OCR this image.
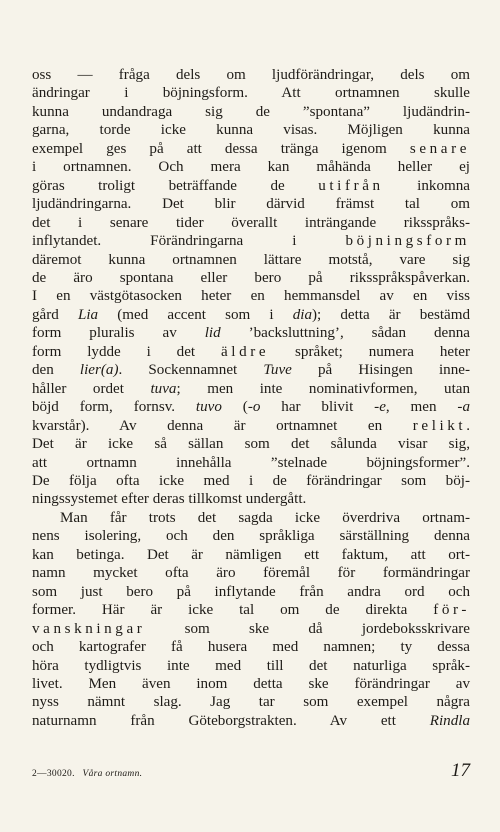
oss — fråga dels om ljudförändringar, dels om
ändringar i böjningsform. Att ortnamnen skulle
kunna undandraga sig de ”spontana” ljudändrin-
garna, torde icke kunna visas. Möjligen kunna
exempel ges på att dessa tränga igenom senare
i ortnamnen. Och mera kan måhända heller ej
göras troligt beträffande de utifrån inkomna
ljudändringarna. Det blir därvid främst tal om
det i senare tider överallt inträngande riksspråks-
inflytandet. Förändringarna i böjningsform
däremot kunna ortnamnen lättare motstå, vare sig
de äro spontana eller bero på riksspråkspåverkan.
I en västgötasocken heter en hemmansdel av en viss
gård Lia (med accent som i dia); detta är bestämd
form pluralis av lid ’backsluttning’, sådan denna
form lydde i det äldre språket; numera heter
den lier(a). Sockennamnet Tuve på Hisingen inne-
håller ordet tuva; men inte nominativformen, utan
böjd form, fornsv. tuvo (-o har blivit -e, men -a
kvarstår). Av denna är ortnamnet en relikt.
Det är icke så sällan som det sålunda visar sig,
att ortnamn innehålla ”stelnade böjningsformer”.
De följa ofta icke med i de förändringar som böj-
ningssystemet efter deras tillkomst undergått.
Man får trots det sagda icke överdriva ortnam-
nens isolering, och den språkliga särställning denna
kan betinga. Det är nämligen ett faktum, att ort-
namn mycket ofta äro föremål för formändringar
som just bero på inflytande från andra ord och
former. Här är icke tal om de direkta för-
vanskningar som ske då jordeboksskrivare
och kartografer få husera med namnen; ty dessa
höra tydligtvis inte med till det naturliga språk-
livet. Men även inom detta ske förändringar av
nyss nämnt slag. Jag tar som exempel några
naturnamn från Göteborgstrakten. Av ett Rindla
2—30020. Våra ortnamn.	17
